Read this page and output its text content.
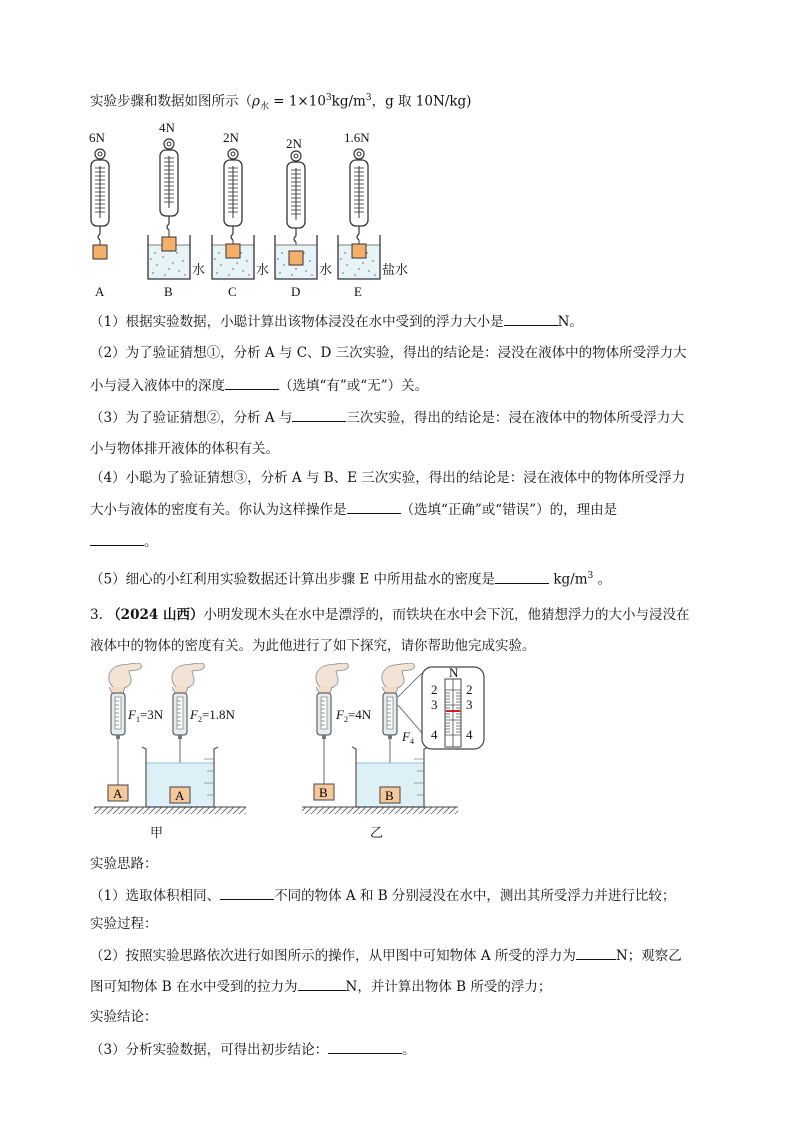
实验步骤和数据如图所示（$\rho_水 = 1\times 10^3kg/m^3$，g 取 10N/kg)
6N
4N
2N	2N	1.6N
A	B	C	D	E
水	水	水	盐水
（1）根据实验数据，小聪计算出该物体浸没在水中受到的浮力大小是	N。
（2）为了验证猜想①，分析 A 与 C、D 三次实验，得出的结论是：浸没在液体中的物体所受浮力大
小与浸入液体中的深度	（选填“有”或“无”）关。
（3）为了验证猜想②，分析 A 与	三次实验，得出的结论是：浸在液体中的物体所受浮力大
小与物体排开液体的体积有关。
（4）小聪为了验证猜想③，分析 A 与 B、E 三次实验，得出的结论是：浸在液体中的物体所受浮力
大小与液体的密度有关。你认为这样操作是	（选填“正确”或“错误”）的，理由是
。
（5）细心的小红利用实验数据还计算出步骤 E 中所用盐水的密度是	$kg/m^3$ 。
3. （2024 山西）小明发现木头在水中是漂浮的，而铁块在水中会下沉，他猜想浮力的大小与浸没在
液体中的物体的密度有关。为此他进行了如下探究，请你帮助他完成实验。
A	A
$F_1=3N$ $F_2=1.8N$
甲
B	B
$F_2=4N$
$F_4$
乙
N
2
3
4
2
3
4
实验思路：
（1）选取体积相同、	不同的物体 A 和 B 分别浸没在水中，测出其所受浮力并进行比较；
实验过程：
（2）按照实验思路依次进行如图所示的操作，从甲图中可知物体 A 所受的浮力为	N；观察乙
图可知物体 B 在水中受到的拉力为	N，并计算出物体 B 所受的浮力；
实验结论：
（3）分析实验数据，可得出初步结论：	。
